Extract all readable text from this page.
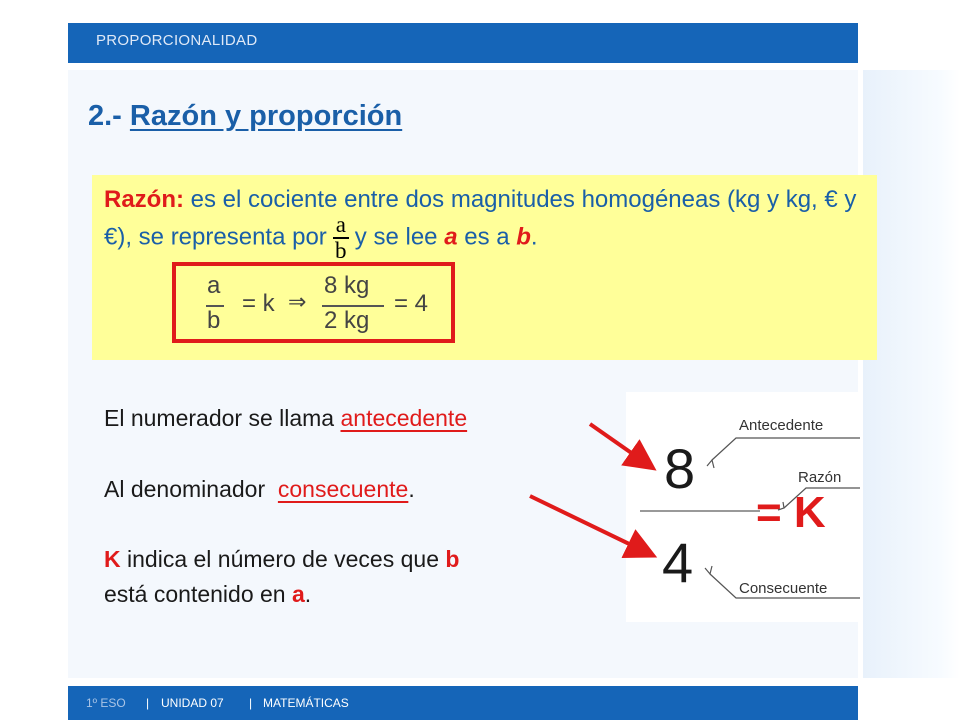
PROPORCIONALIDAD
2.- Razón y proporción
Razón: es el cociente entre dos magnitudes homogéneas (kg y kg, € y €), se representa por $\frac{a}{b}$ y se lee a es a b.
a
b
= k ⇒
8 kg
2 kg
= 4
El numerador se llama antecedente
Al denominador  consecuente.
K indica el número de veces que b
está contenido en a.
8
4
= K
Antecedente
Razón
Consecuente
1º ESO | UNIDAD 07 | MATEMÁTICAS
